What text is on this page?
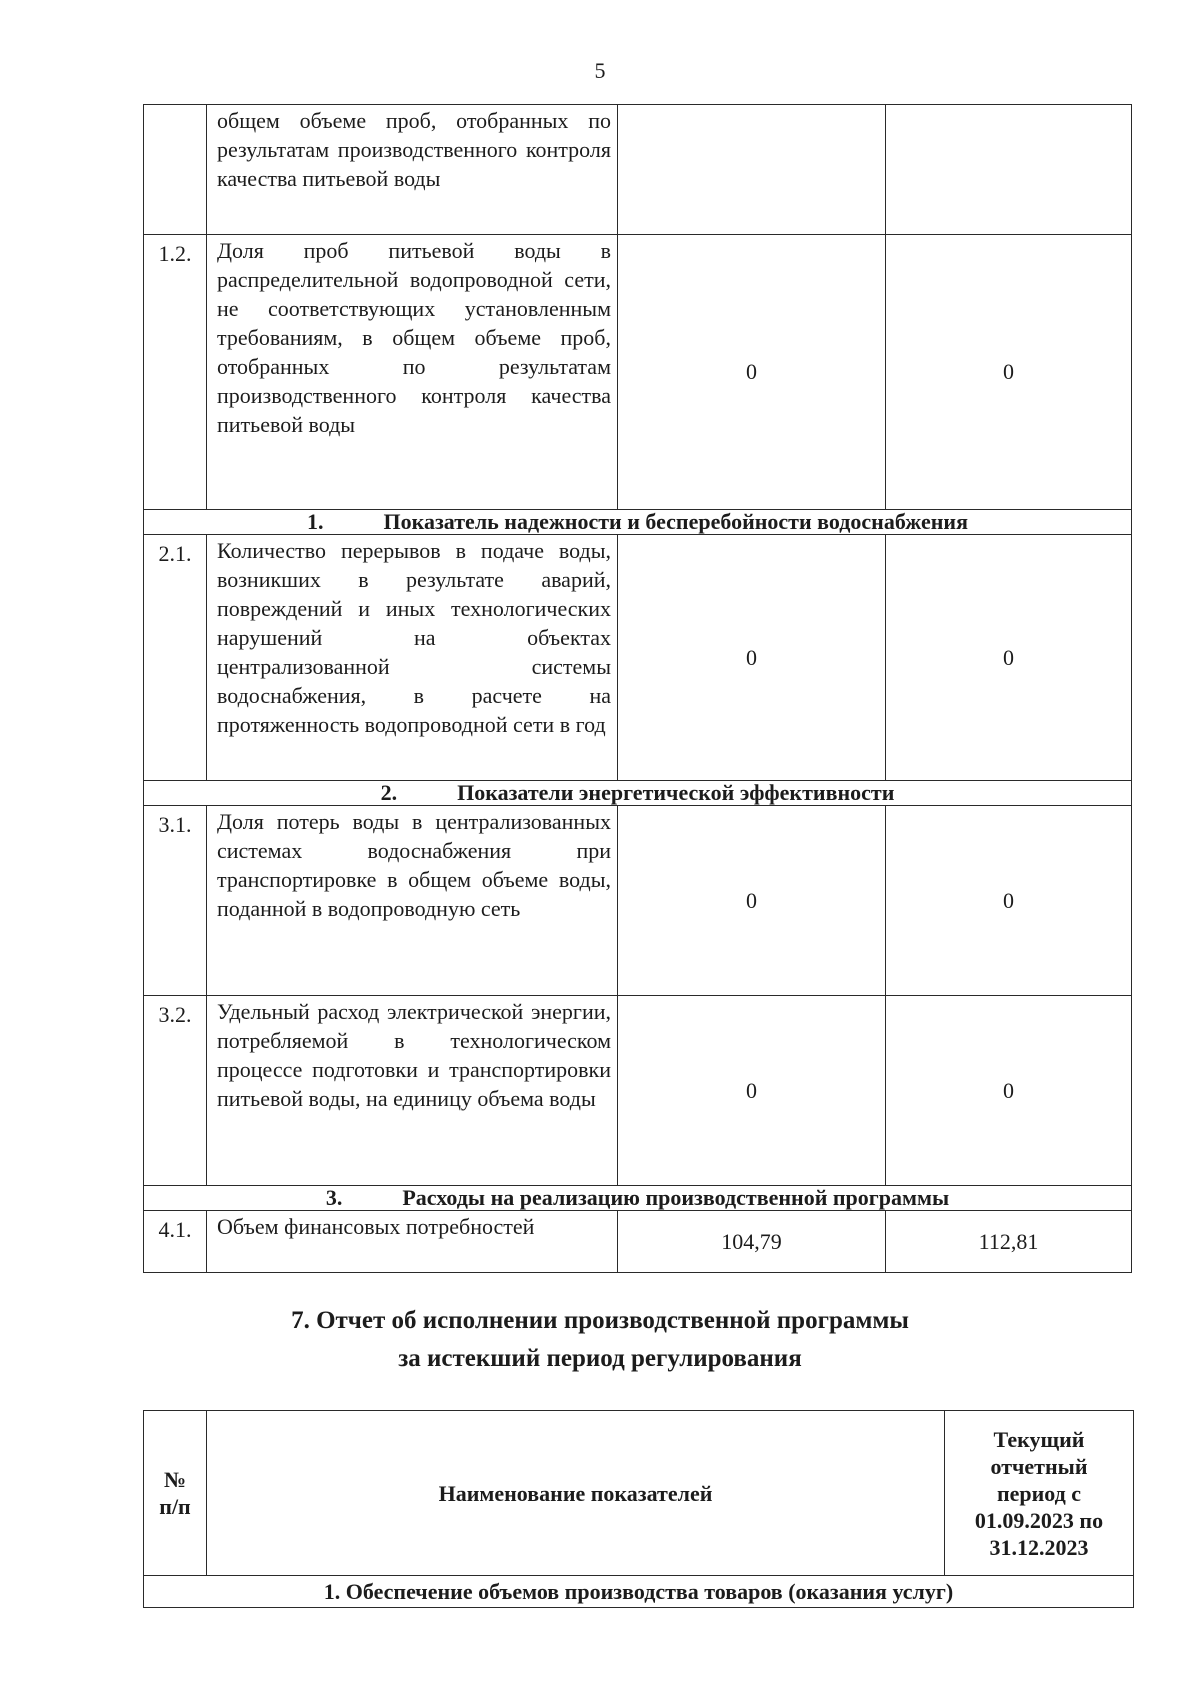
5
	общем объеме проб, отобранных по результатам производственного контроля качества питьевой воды		
1.2.	Доля проб питьевой воды в распределительной водопроводной сети, не соответствующих установленным требованиям, в общем объеме проб, отобранных по результатам производственного контроля качества питьевой воды	0	0
1. Показатель надежности и бесперебойности водоснабжения			
2.1.	Количество перерывов в подаче воды, возникших в результате аварий, повреждений и иных технологических нарушений на объектах централизованной системы водоснабжения, в расчете на протяженность водопроводной сети в год	0	0
2. Показатели энергетической эффективности			
3.1.	Доля потерь воды в централизованных системах водоснабжения при транспортировке в общем объеме воды, поданной в водопроводную сеть	0	0
3.2.	Удельный расход электрической энергии, потребляемой в технологическом процессе подготовки и транспортировки питьевой воды, на единицу объема воды	0	0
3. Расходы на реализацию производственной программы			
4.1.	Объем финансовых потребностей	104,79	112,81
7. Отчет об исполнении производственной программы
за истекший период регулирования
№ п/п	Наименование показателей	Текущий
отчетный
период с
01.09.2023 по
31.12.2023
1. Обеспечение объемов производства товаров (оказания услуг)
